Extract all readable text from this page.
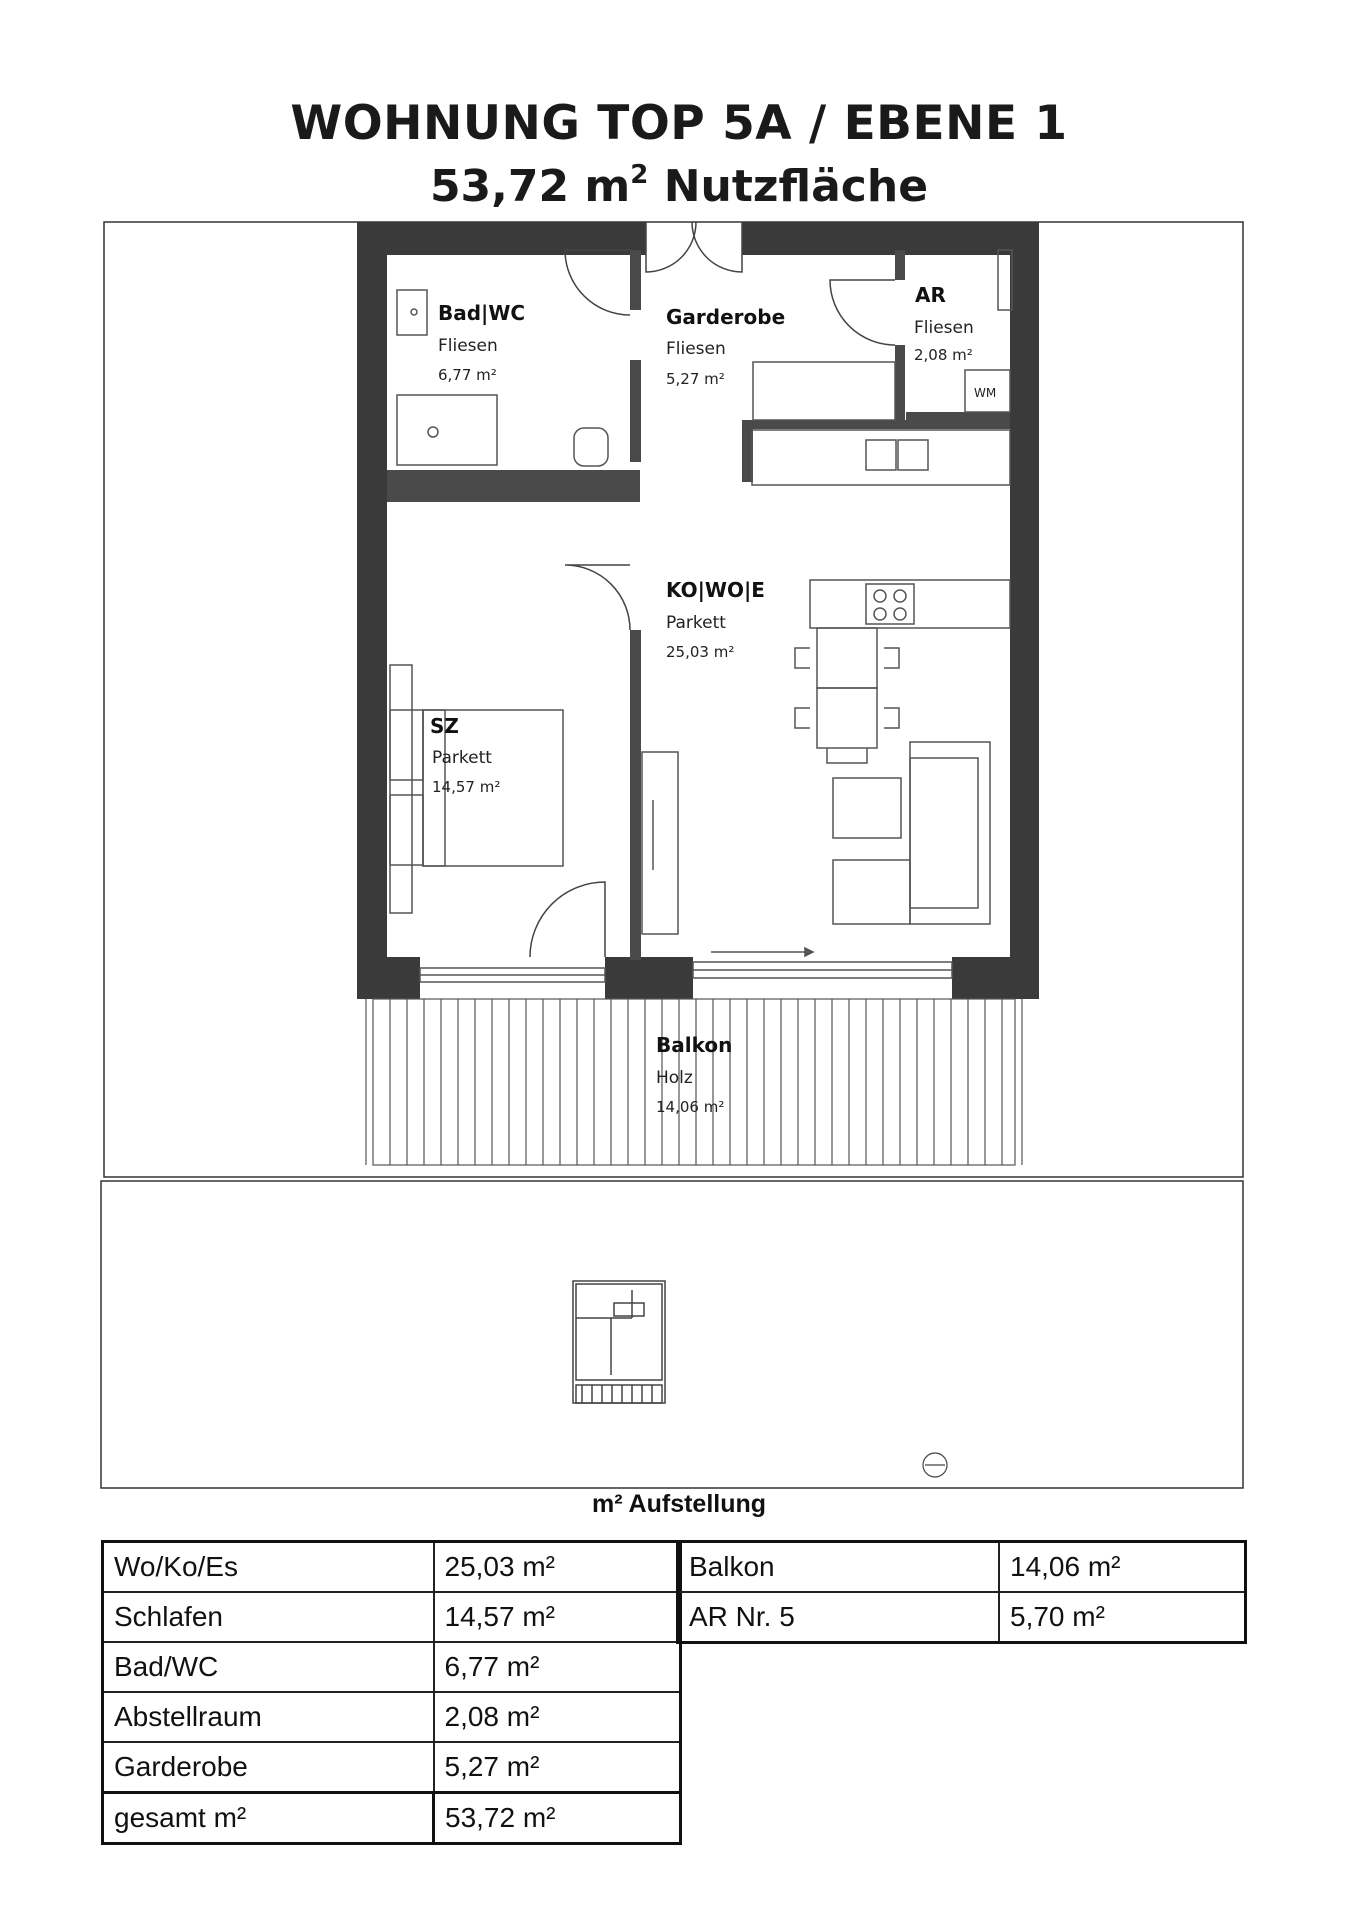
WOHNUNG TOP 5A / EBENE 1
53,72 $m^2$ Nutzfläche
Bad|WC
Fliesen
6,77 m²
Garderobe
Fliesen
5,27 m²
AR
Fliesen
2,08 m²
WM
KO|WO|E
Parkett
25,03 m²
SZ
Parkett
14,57 m²
Balkon
Holz
14,06 m²
m² Aufstellung
Wo/Ko/Es	25,03 m²
Schlafen	14,57 m²
Bad/WC	6,77 m²
Abstellraum	2,08 m²
Garderobe	5,27 m²
gesamt m²	53,72 m²
Balkon	14,06 m²
AR Nr. 5	5,70 m²
